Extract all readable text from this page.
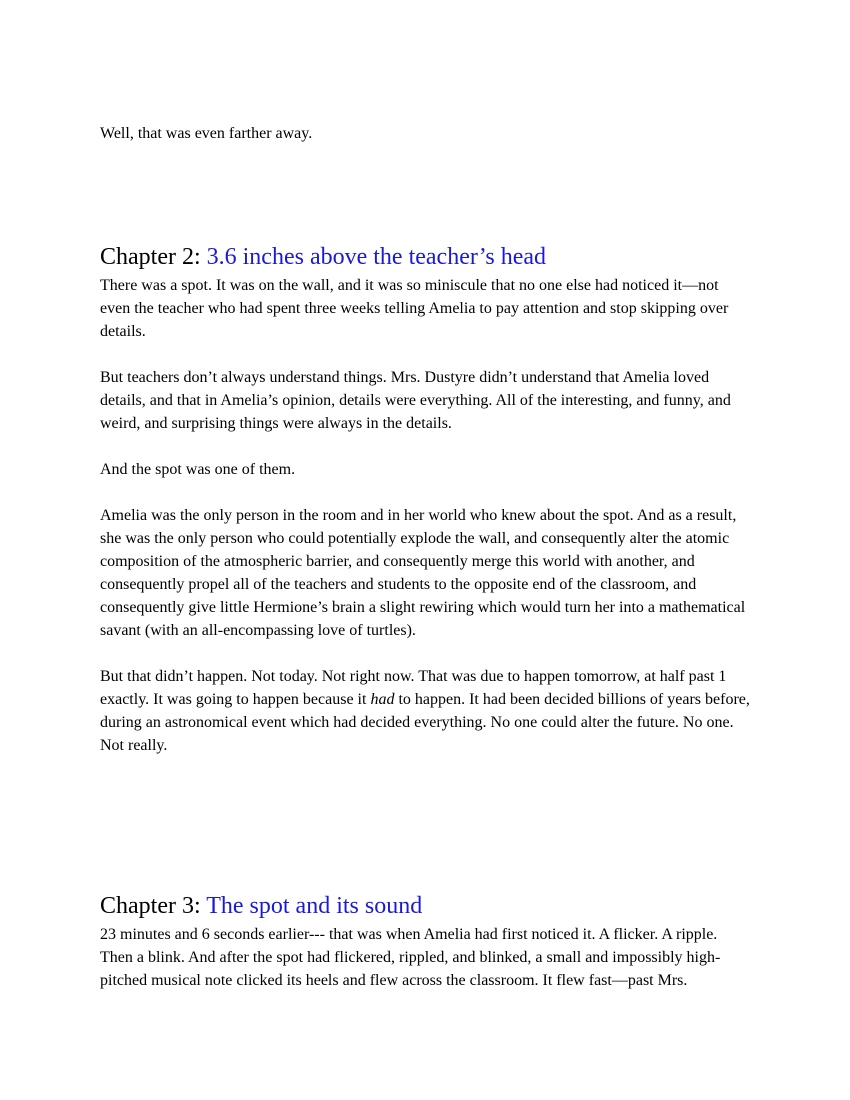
Well, that was even farther away.

Chapter 2: 3.6 inches above the teacher’s head

There was a spot. It was on the wall, and it was so miniscule that no one else had noticed it—not even the teacher who had spent three weeks telling Amelia to pay attention and stop skipping over details.

But teachers don’t always understand things. Mrs. Dustyre didn’t understand that Amelia loved details, and that in Amelia’s opinion, details were everything. All of the interesting, and funny, and weird, and surprising things were always in the details.

And the spot was one of them.

Amelia was the only person in the room and in her world who knew about the spot. And as a result, she was the only person who could potentially explode the wall, and consequently alter the atomic composition of the atmospheric barrier, and consequently merge this world with another, and consequently propel all of the teachers and students to the opposite end of the classroom, and consequently give little Hermione’s brain a slight rewiring which would turn her into a mathematical savant (with an all-encompassing love of turtles).

But that didn’t happen. Not today. Not right now. That was due to happen tomorrow, at half past 1 exactly. It was going to happen because it had to happen. It had been decided billions of years before, during an astronomical event which had decided everything. No one could alter the future. No one. Not really.

Chapter 3: The spot and its sound

23 minutes and 6 seconds earlier--- that was when Amelia had first noticed it. A flicker. A ripple. Then a blink. And after the spot had flickered, rippled, and blinked, a small and impossibly high-pitched musical note clicked its heels and flew across the classroom. It flew fast—past Mrs.
